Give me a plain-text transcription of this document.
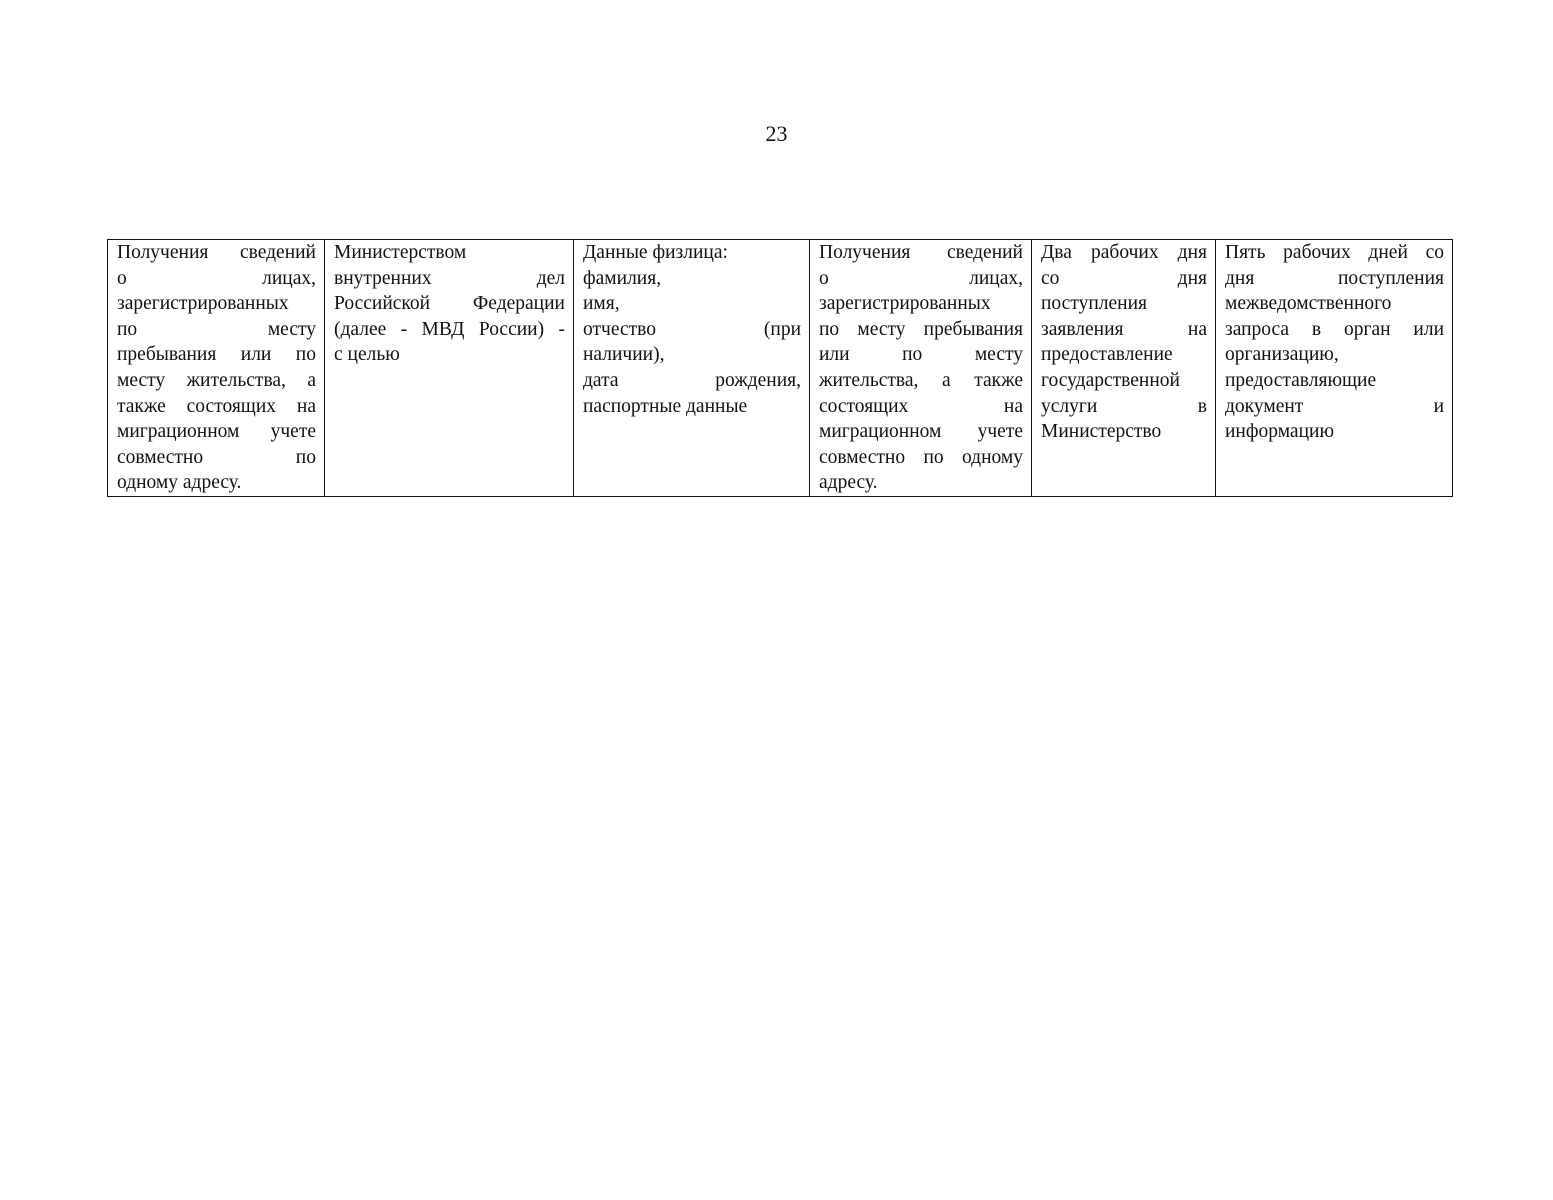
23
Получения сведений
о лицах,
зарегистрированных
по месту
пребывания или по
месту жительства, а
также состоящих на
миграционном учете
совместно по
одному адресу.

Министерством
внутренних дел
Российской Федерации
(далее - МВД России) -
с целью

Данные физлица:
фамилия,
имя,
отчество (при
наличии),
дата рождения,
паспортные данные

Получения сведений
о лицах,
зарегистрированных
по месту пребывания
или по месту
жительства, а также
состоящих на
миграционном учете
совместно по одному
адресу.

Два рабочих дня
со дня
поступления
заявления на
предоставление
государственной
услуги в
Министерство

Пять рабочих дней со
дня поступления
межведомственного
запроса в орган или
организацию,
предоставляющие
документ и
информацию
